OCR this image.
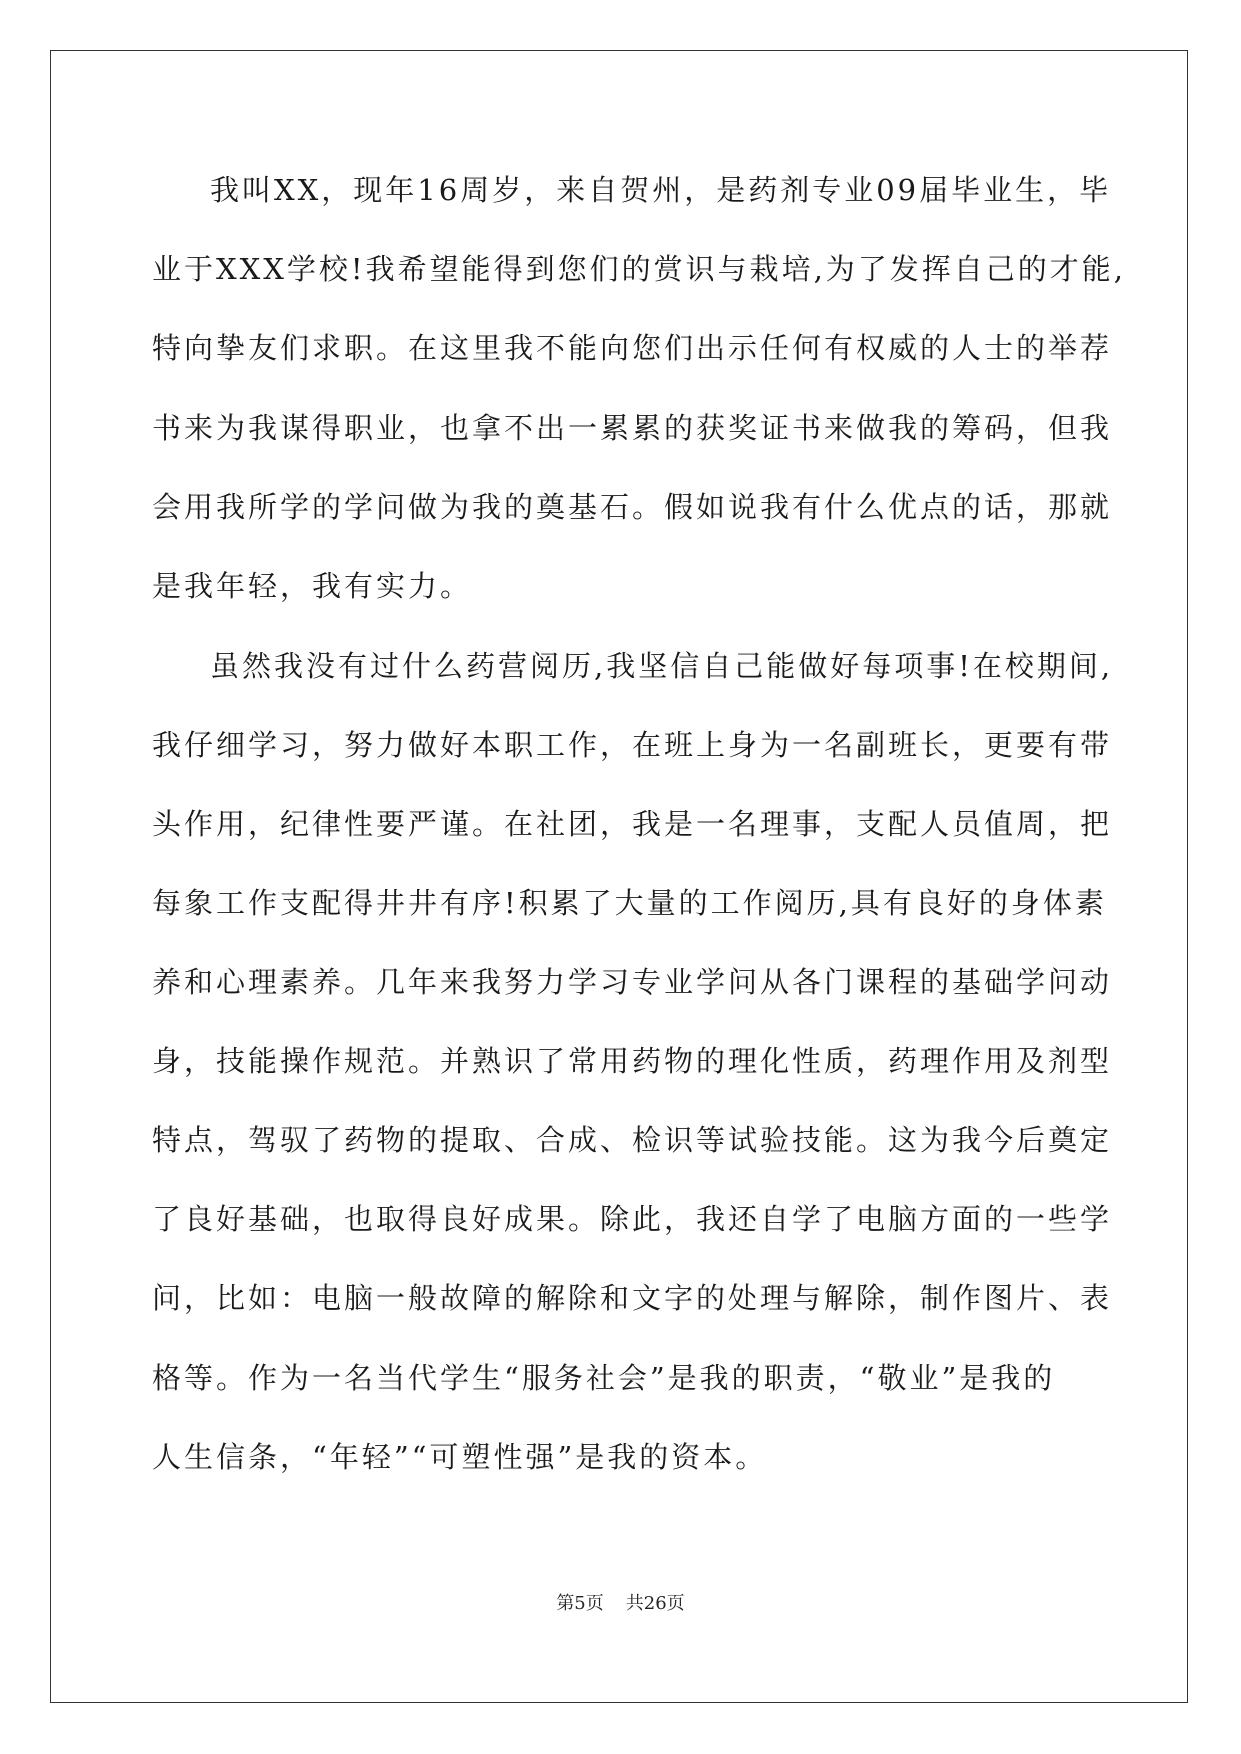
我叫XX，现年16周岁，来自贺州，是药剂专业09届毕业生，毕
业于XXX学校!我希望能得到您们的赏识与栽培,为了发挥自己的才能,
特向挚友们求职。在这里我不能向您们出示任何有权威的人士的举荐
书来为我谋得职业，也拿不出一累累的获奖证书来做我的筹码，但我
会用我所学的学问做为我的奠基石。假如说我有什么优点的话，那就
是我年轻，我有实力。
虽然我没有过什么药营阅历,我坚信自己能做好每项事!在校期间,
我仔细学习，努力做好本职工作，在班上身为一名副班长，更要有带
头作用，纪律性要严谨。在社团，我是一名理事，支配人员值周，把
每象工作支配得井井有序!积累了大量的工作阅历,具有良好的身体素
养和心理素养。几年来我努力学习专业学问从各门课程的基础学问动
身，技能操作规范。并熟识了常用药物的理化性质，药理作用及剂型
特点，驾驭了药物的提取、合成、检识等试验技能。这为我今后奠定
了良好基础，也取得良好成果。除此，我还自学了电脑方面的一些学
问，比如：电脑一般故障的解除和文字的处理与解除，制作图片、表
格等。作为一名当代学生“服务社会”是我的职责，“敬业”是我的
人生信条，“年轻”“可塑性强”是我的资本。
第5页 共26页
